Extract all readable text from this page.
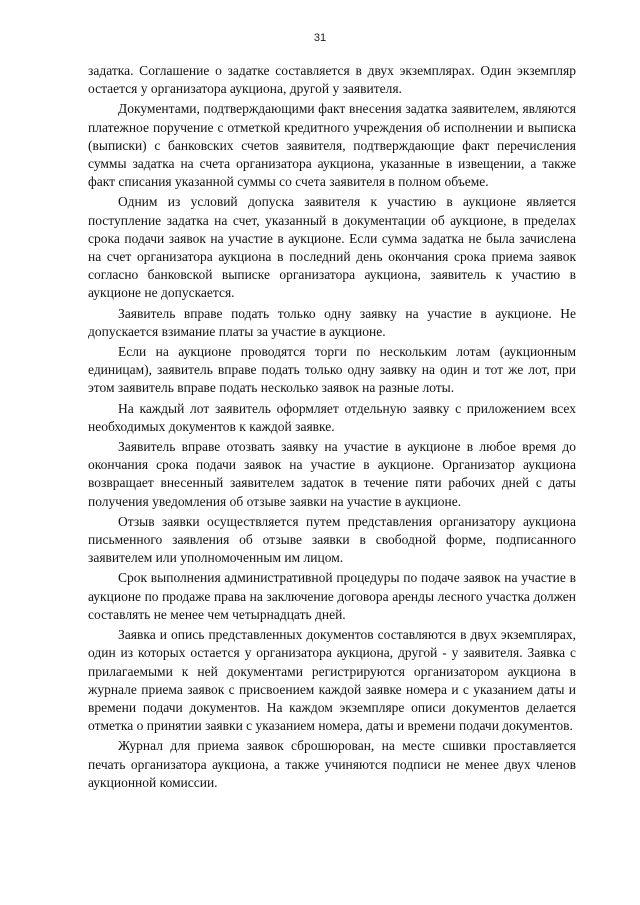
31

задатка. Соглашение о задатке составляется в двух экземплярах. Один экземпляр остается у организатора аукциона, другой у заявителя.

Документами, подтверждающими факт внесения задатка заявителем, являются платежное поручение с отметкой кредитного учреждения об исполнении и выписка (выписки) с банковских счетов заявителя, подтверждающие факт перечисления суммы задатка на счета организатора аукциона, указанные в извещении, а также факт списания указанной суммы со счета заявителя в полном объеме.

Одним из условий допуска заявителя к участию в аукционе является поступление задатка на счет, указанный в документации об аукционе, в пределах срока подачи заявок на участие в аукционе. Если сумма задатка не была зачислена на счет организатора аукциона в последний день окончания срока приема заявок согласно банковской выписке организатора аукциона, заявитель к участию в аукционе не допускается.

Заявитель вправе подать только одну заявку на участие в аукционе. Не допускается взимание платы за участие в аукционе.

Если на аукционе проводятся торги по нескольким лотам (аукционным единицам), заявитель вправе подать только одну заявку на один и тот же лот, при этом заявитель вправе подать несколько заявок на разные лоты.

На каждый лот заявитель оформляет отдельную заявку с приложением всех необходимых документов к каждой заявке.

Заявитель вправе отозвать заявку на участие в аукционе в любое время до окончания срока подачи заявок на участие в аукционе. Организатор аукциона возвращает внесенный заявителем задаток в течение пяти рабочих дней с даты получения уведомления об отзыве заявки на участие в аукционе.

Отзыв заявки осуществляется путем представления организатору аукциона письменного заявления об отзыве заявки в свободной форме, подписанного заявителем или уполномоченным им лицом.

Срок выполнения административной процедуры по подаче заявок на участие в аукционе по продаже права на заключение договора аренды лесного участка должен составлять не менее чем четырнадцать дней.

Заявка и опись представленных документов составляются в двух экземплярах, один из которых остается у организатора аукциона, другой - у заявителя. Заявка с прилагаемыми к ней документами регистрируются организатором аукциона в журнале приема заявок с присвоением каждой заявке номера и с указанием даты и времени подачи документов. На каждом экземпляре описи документов делается отметка о принятии заявки с указанием номера, даты и времени подачи документов.

Журнал для приема заявок сброшюрован, на месте сшивки проставляется печать организатора аукциона, а также учиняются подписи не менее двух членов аукционной комиссии.
